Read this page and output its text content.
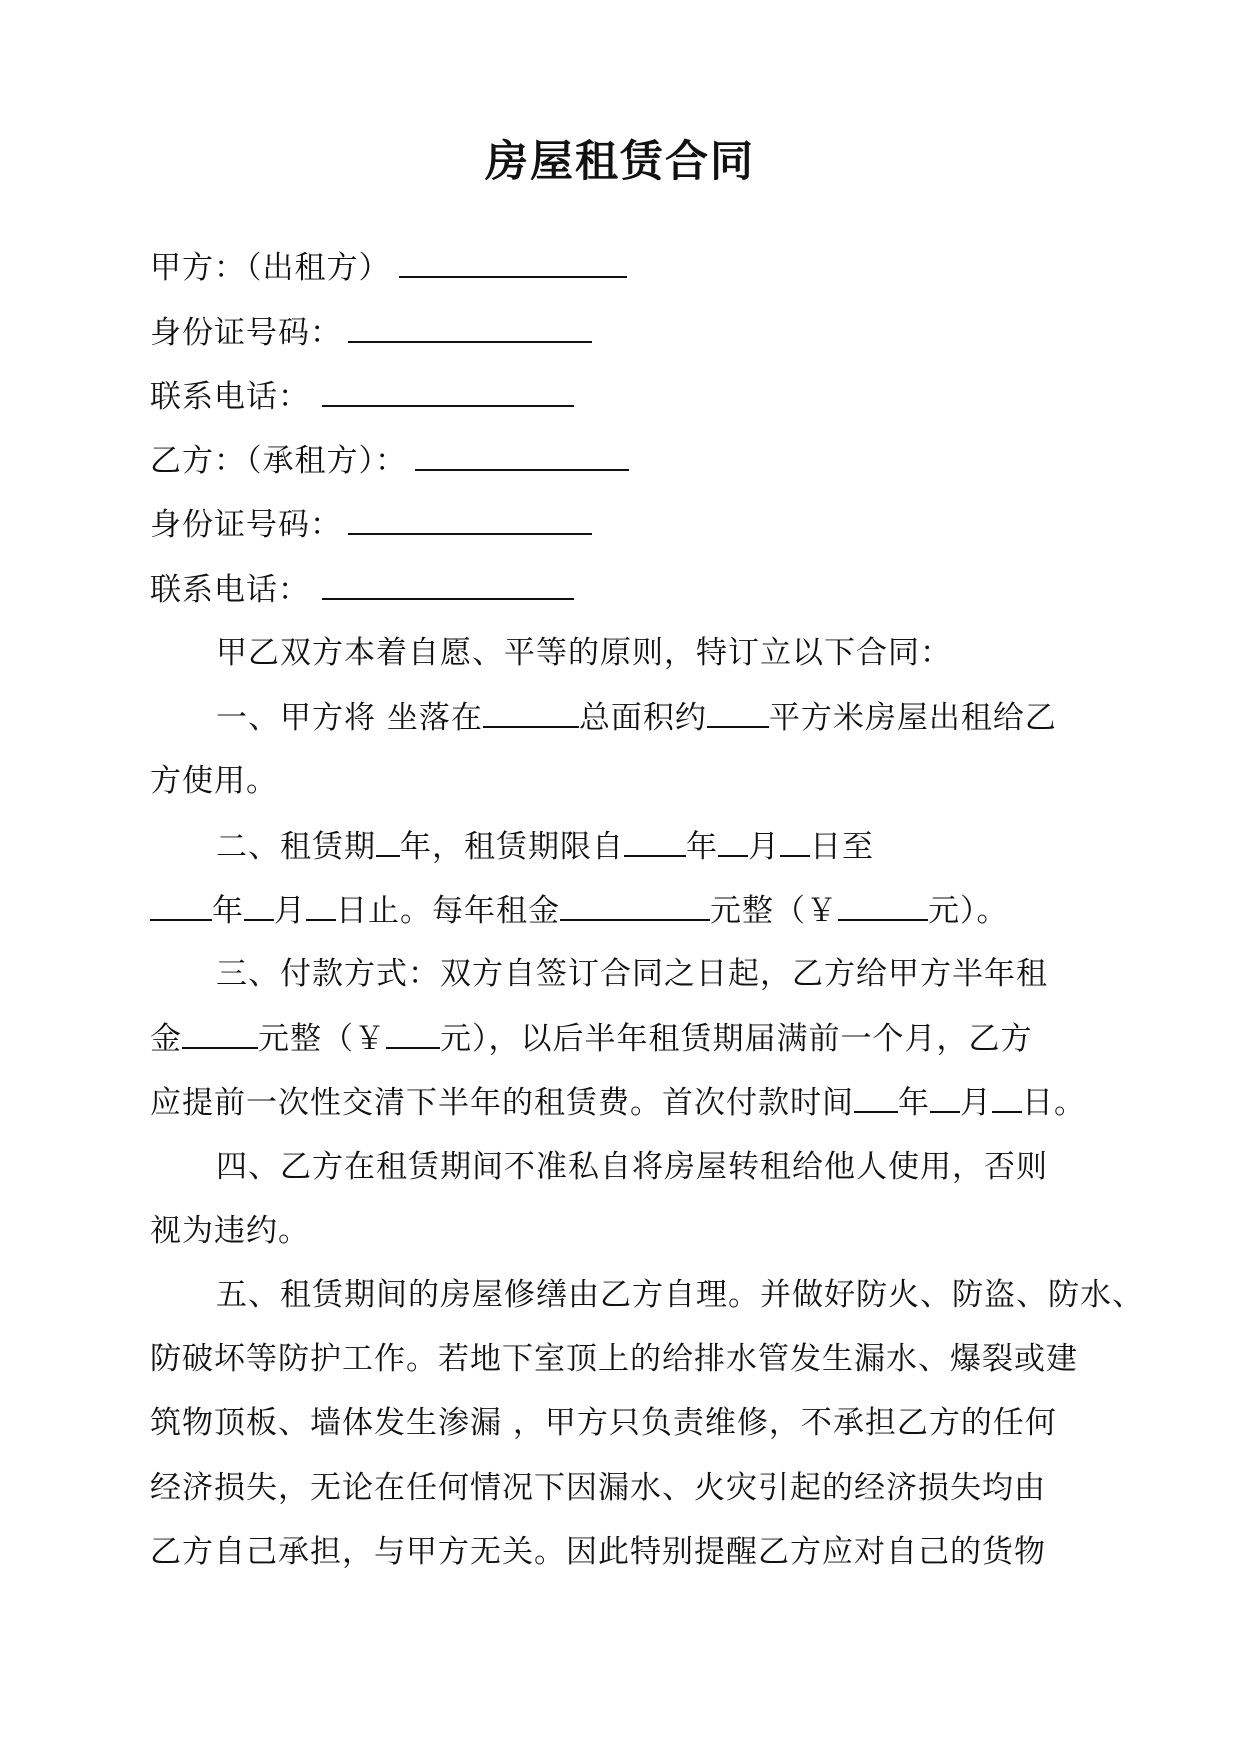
房屋租赁合同
甲方：（出租方）
身份证号码：
联系电话：
乙方：（承租方）：
身份证号码：
联系电话：
甲乙双方本着自愿、平等的原则，特订立以下合同：
一、甲方将 坐落在	总面积约 平方米房屋出租给乙
方使用。
二、租赁期 年，租赁期限自 年 月 日至
年 月 日止。每年租金	元整（￥	元）。
三、付款方式：双方自签订合同之日起，乙方给甲方半年租
金 元整（￥ 元），以后半年租赁期届满前一个月，乙方
应提前一次性交清下半年的租赁费。首次付款时间 年 月 日。
四、乙方在租赁期间不准私自将房屋转租给他人使用，否则
视为违约。
五、租赁期间的房屋修缮由乙方自理。并做好防火、防盗、防水、
防破坏等防护工作。若地下室顶上的给排水管发生漏水、爆裂或建
筑物顶板、墙体发生渗漏 ，甲方只负责维修，不承担乙方的任何
经济损失，无论在任何情况下因漏水、火灾引起的经济损失均由
乙方自己承担，与甲方无关。因此特别提醒乙方应对自己的货物
